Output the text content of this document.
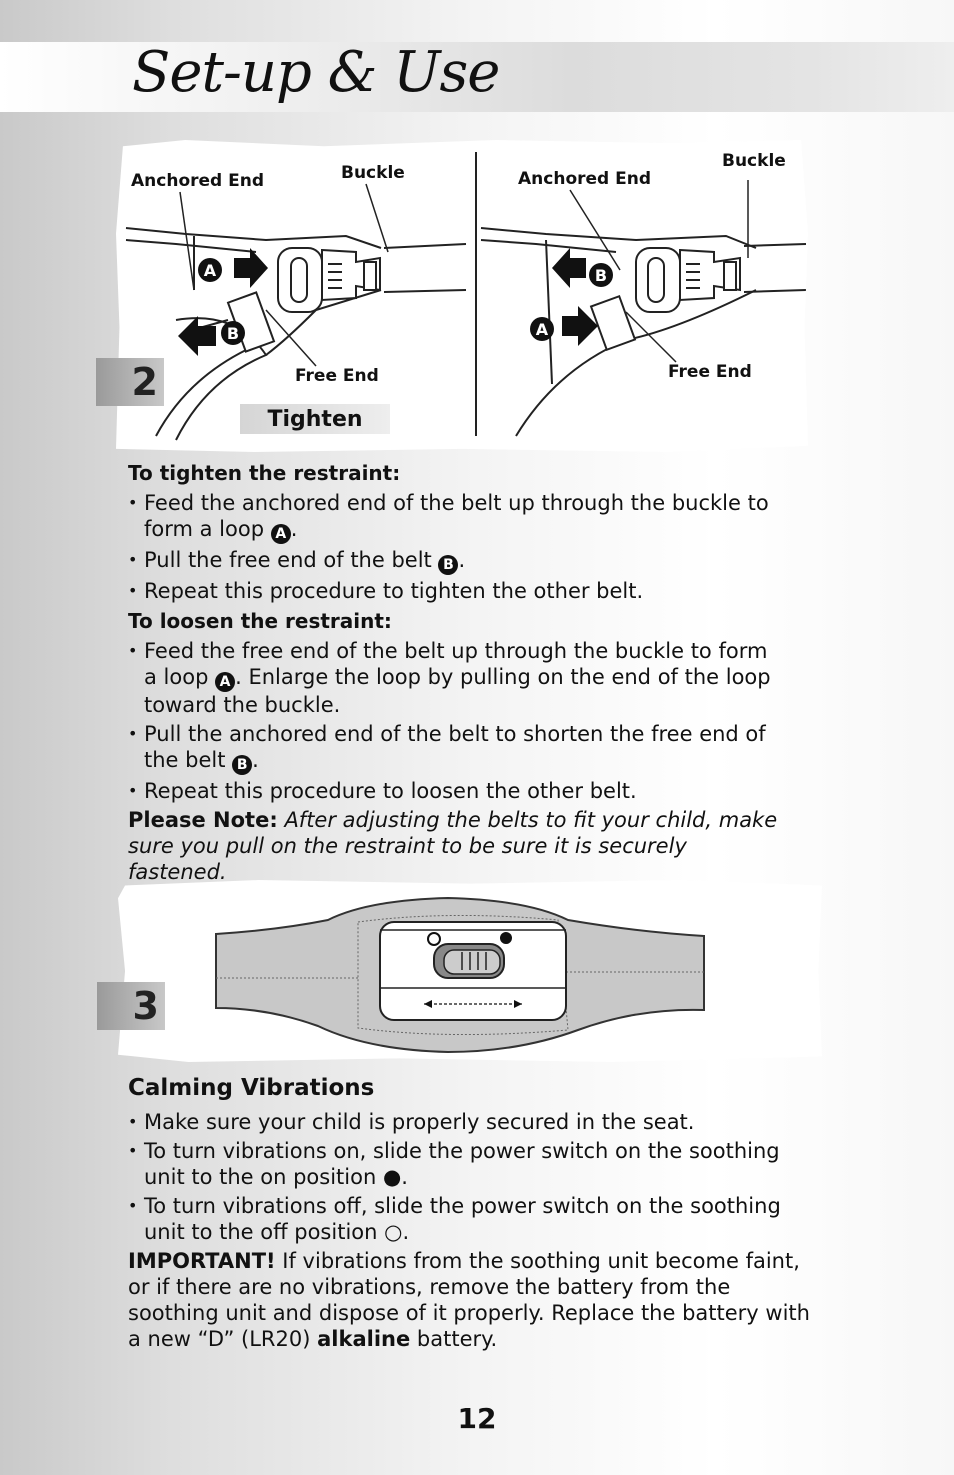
Set-up & Use
Anchored End	Buckle
Free End
Anchored End
Buckle
Free End
A
B
B
A
Tighten
2
To tighten the restraint:
• Feed the anchored end of the belt up through the buckle to form a loop A .
• Pull the free end of the belt B .
• Repeat this procedure to tighten the other belt.
To loosen the restraint:
• Feed the free end of the belt up through the buckle to form a loop A . Enlarge the loop by pulling on the end of the loop toward the buckle.
• Pull the anchored end of the belt to shorten the free end of the belt B .
• Repeat this procedure to loosen the other belt.
Please Note: After adjusting the belts to fit your child, make sure you pull on the restraint to be sure it is securely fastened.
3
Calming Vibrations
• Make sure your child is properly secured in the seat.
• To turn vibrations on, slide the power switch on the soothing unit to the on position ●.
• To turn vibrations off, slide the power switch on the soothing unit to the off position ○.
IMPORTANT! If vibrations from the soothing unit become faint, or if there are no vibrations, remove the battery from the soothing unit and dispose of it properly. Replace the battery with a new “D” (LR20) alkaline battery.
12
